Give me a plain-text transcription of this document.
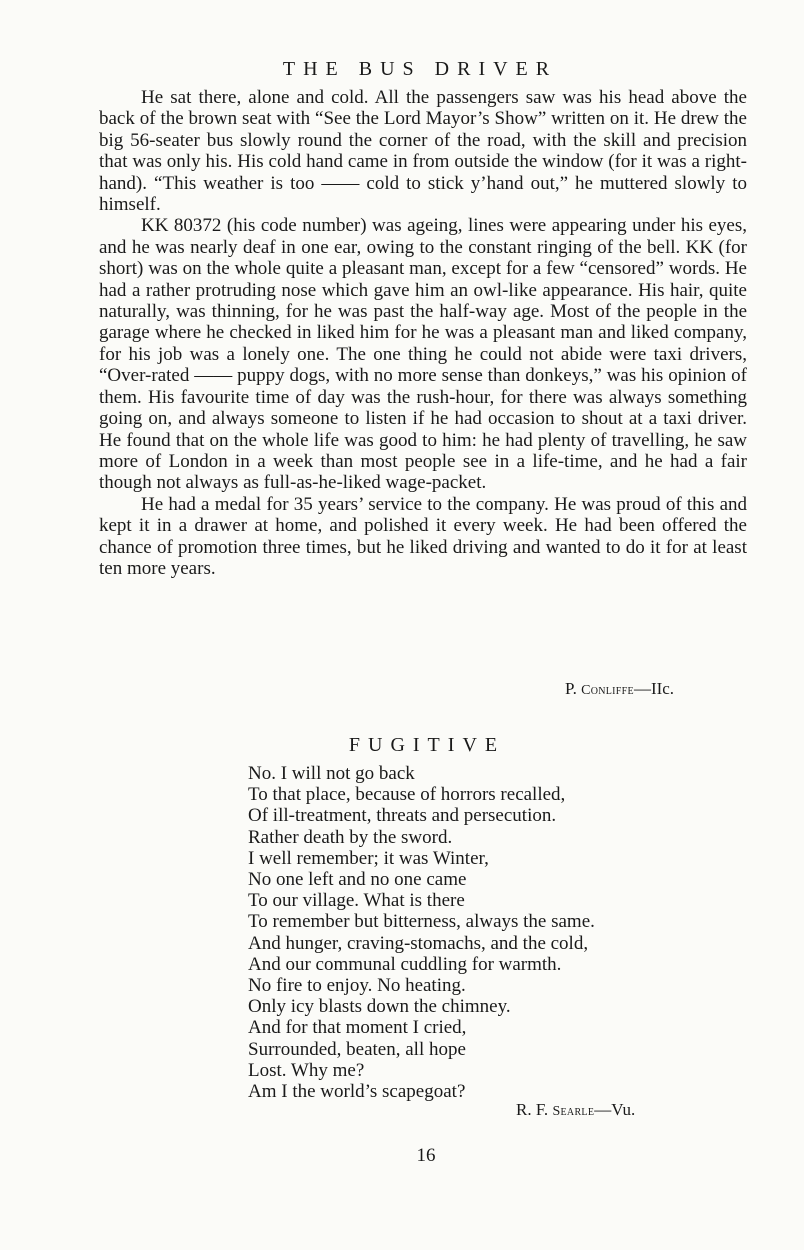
THE BUS DRIVER

He sat there, alone and cold. All the passengers saw was his head above the back of the brown seat with “See the Lord Mayor’s Show” written on it. He drew the big 56-seater bus slowly round the corner of the road, with the skill and precision that was only his. His cold hand came in from outside the window (for it was a right-hand). “This weather is too —— cold to stick y’hand out,” he muttered slowly to himself.

KK 80372 (his code number) was ageing, lines were appearing under his eyes, and he was nearly deaf in one ear, owing to the constant ringing of the bell. KK (for short) was on the whole quite a pleasant man, except for a few “censored” words. He had a rather protruding nose which gave him an owl-like appearance. His hair, quite naturally, was thinning, for he was past the half-way age. Most of the people in the garage where he checked in liked him for he was a pleasant man and liked company, for his job was a lonely one. The one thing he could not abide were taxi drivers, “Over-rated —— puppy dogs, with no more sense than donkeys,” was his opinion of them. His favourite time of day was the rush-hour, for there was always something going on, and always someone to listen if he had occasion to shout at a taxi driver. He found that on the whole life was good to him: he had plenty of travelling, he saw more of London in a week than most people see in a life-time, and he had a fair though not always as full-as-he-liked wage-packet.

He had a medal for 35 years’ service to the company. He was proud of this and kept it in a drawer at home, and polished it every week. He had been offered the chance of promotion three times, but he liked driving and wanted to do it for at least ten more years.

P. Conliffe—IIc.

FUGITIVE
No. I will not go back
To that place, because of horrors recalled,
Of ill-treatment, threats and persecution.
Rather death by the sword.
I well remember; it was Winter,
No one left and no one came
To our village. What is there
To remember but bitterness, always the same.
And hunger, craving-stomachs, and the cold,
And our communal cuddling for warmth.
No fire to enjoy. No heating.
Only icy blasts down the chimney.
And for that moment I cried,
Surrounded, beaten, all hope
Lost. Why me?
Am I the world’s scapegoat?

R. F. Searle—Vu.

16
